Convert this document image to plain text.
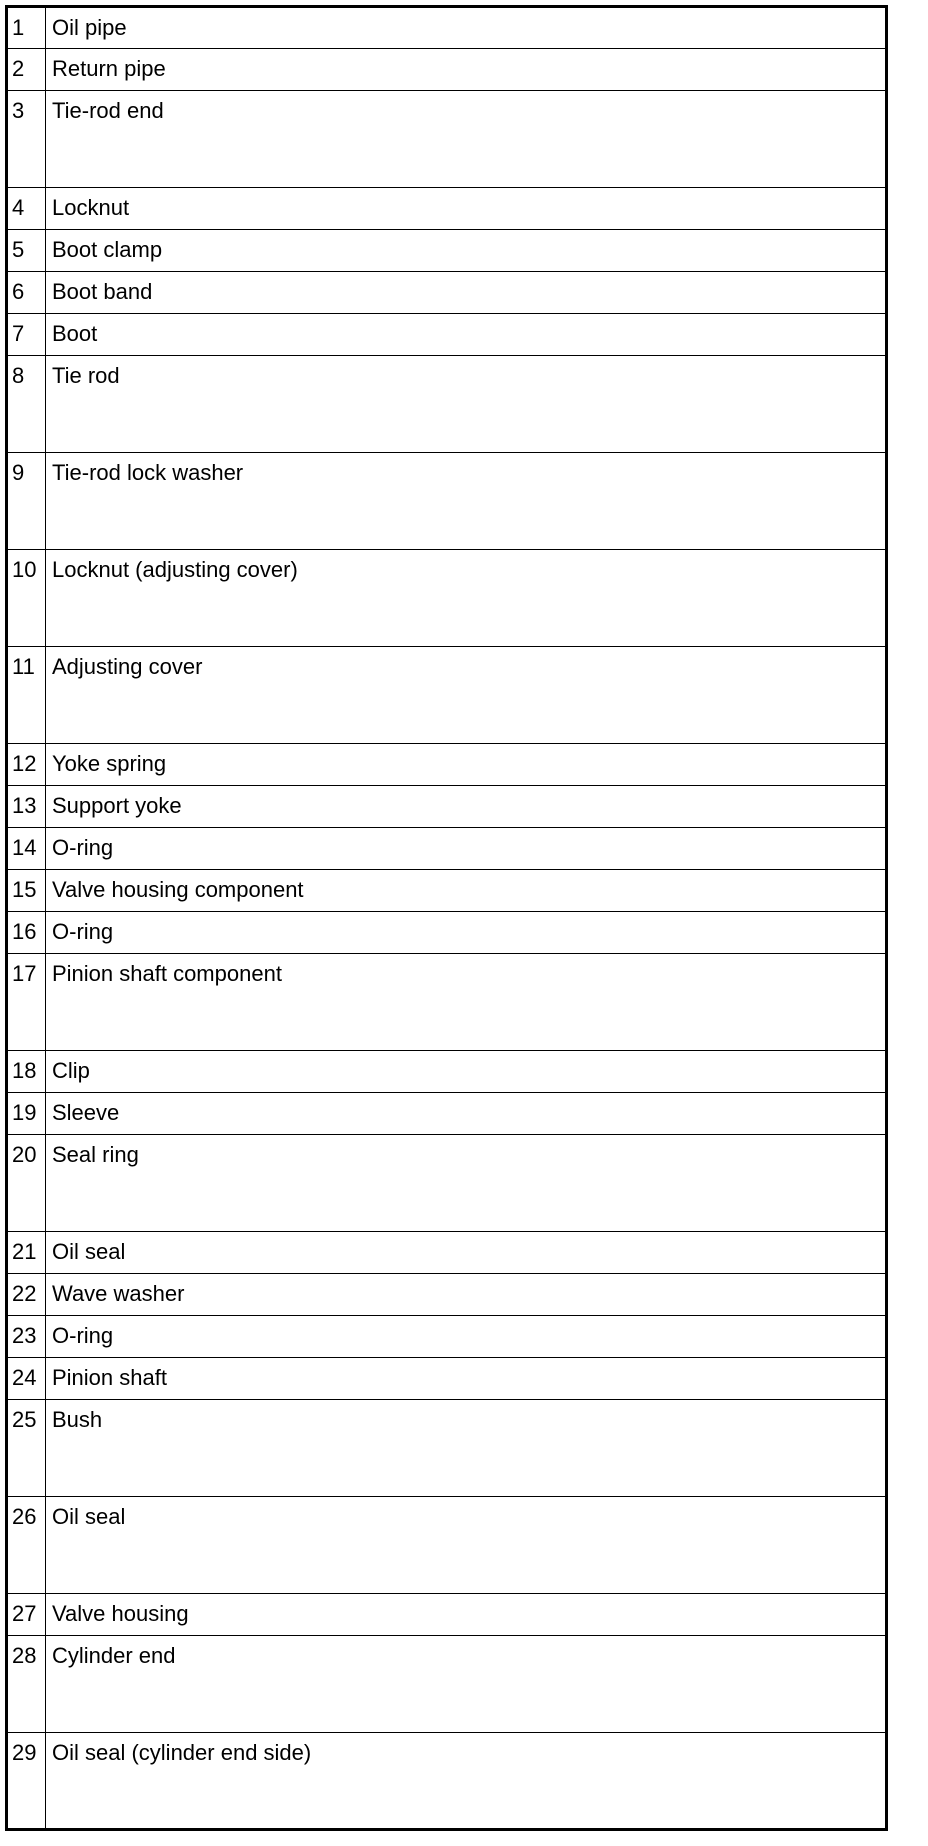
1	Oil pipe
2	Return pipe
3	Tie-rod end
4	Locknut
5	Boot clamp
6	Boot band
7	Boot
8	Tie rod
9	Tie-rod lock washer
10	Locknut (adjusting cover)
11	Adjusting cover
12	Yoke spring
13	Support yoke
14	O-ring
15	Valve housing component
16	O-ring
17	Pinion shaft component
18	Clip
19	Sleeve
20	Seal ring
21	Oil seal
22	Wave washer
23	O-ring
24	Pinion shaft
25	Bush
26	Oil seal
27	Valve housing
28	Cylinder end
29	Oil seal (cylinder end side)
